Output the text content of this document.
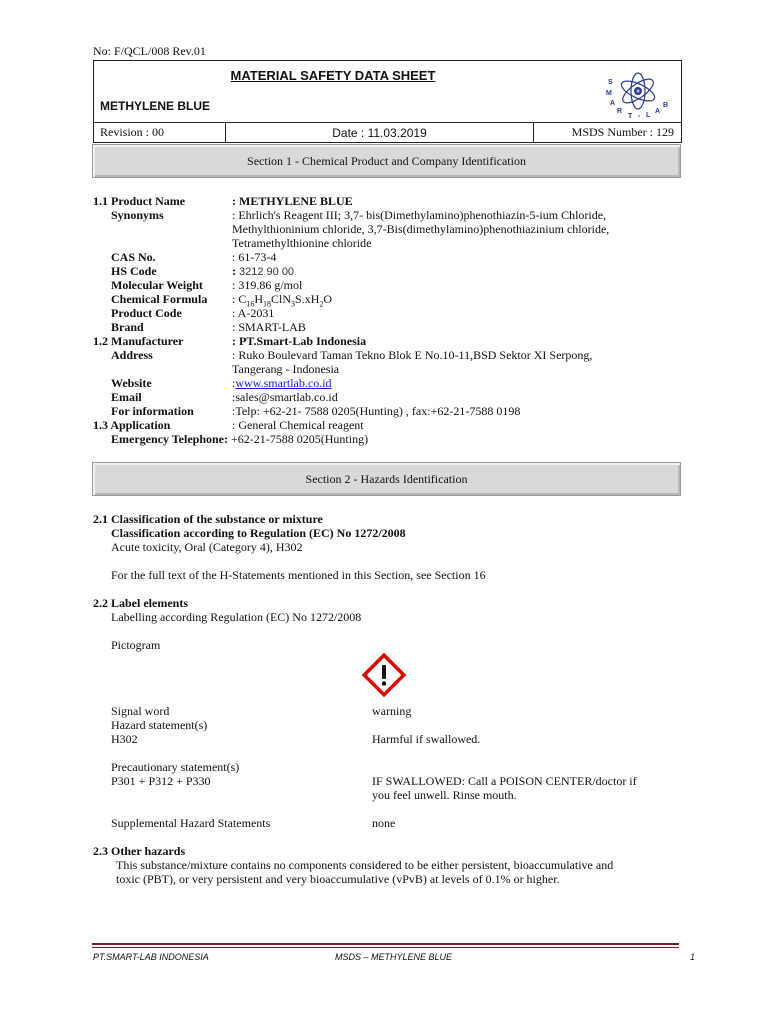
No: F/QCL/008 Rev.01
MATERIAL SAFETY DATA SHEET
METHYLENE BLUE
S
M
A
R
T - L
A
B
Revision : 00	Date : 11.03.2019	MSDS Number : 129
Section 1 - Chemical Product and Company Identification
1.1 Product Name	: METHYLENE BLUE
Synonyms	: Ehrlich's Reagent III; 3,7- bis(Dimethylamino)phenothiazin-5-ium Chloride,
Methylthioninium chloride, 3,7-Bis(dimethylamino)phenothiazinium chloride,
Tetramethylthionine chloride
CAS No.	: 61-73-4
HS Code	: 3212 90 00
Molecular Weight : 319.86 g/mol
Chemical Formula : $C_{16}H_{18}ClN_3S.xH_2O$
Product Code	: A-2031
Brand	: SMART-LAB
1.2 Manufacturer	: PT.Smart-Lab Indonesia
Address	: Ruko Boulevard Taman Tekno Blok E No.10-11,BSD Sektor XI Serpong,
Tangerang - Indonesia
Website	:www.smartlab.co.id
Email	:sales@smartlab.co.id
For information	:Telp: +62-21- 7588 0205(Hunting) , fax:+62-21-7588 0198
1.3 Application	: General Chemical reagent
Emergency Telephone: +62-21-7588 0205(Hunting)
Section 2 - Hazards Identification
2.1 Classification of the substance or mixture
Classification according to Regulation (EC) No 1272/2008
Acute toxicity, Oral (Category 4), H302
For the full text of the H-Statements mentioned in this Section, see Section 16
2.2 Label elements
Labelling according Regulation (EC) No 1272/2008
Pictogram
Signal word	warning
Hazard statement(s)
H302	Harmful if swallowed.
Precautionary statement(s)
P301 + P312 + P330	IF SWALLOWED: Call a POISON CENTER/doctor if
you feel unwell. Rinse mouth.
Supplemental Hazard Statements	none
2.3 Other hazards
This substance/mixture contains no components considered to be either persistent, bioaccumulative and
toxic (PBT), or very persistent and very bioaccumulative (vPvB) at levels of 0.1% or higher.
PT.SMART-LAB INDONESIA	MSDS – METHYLENE BLUE	1
